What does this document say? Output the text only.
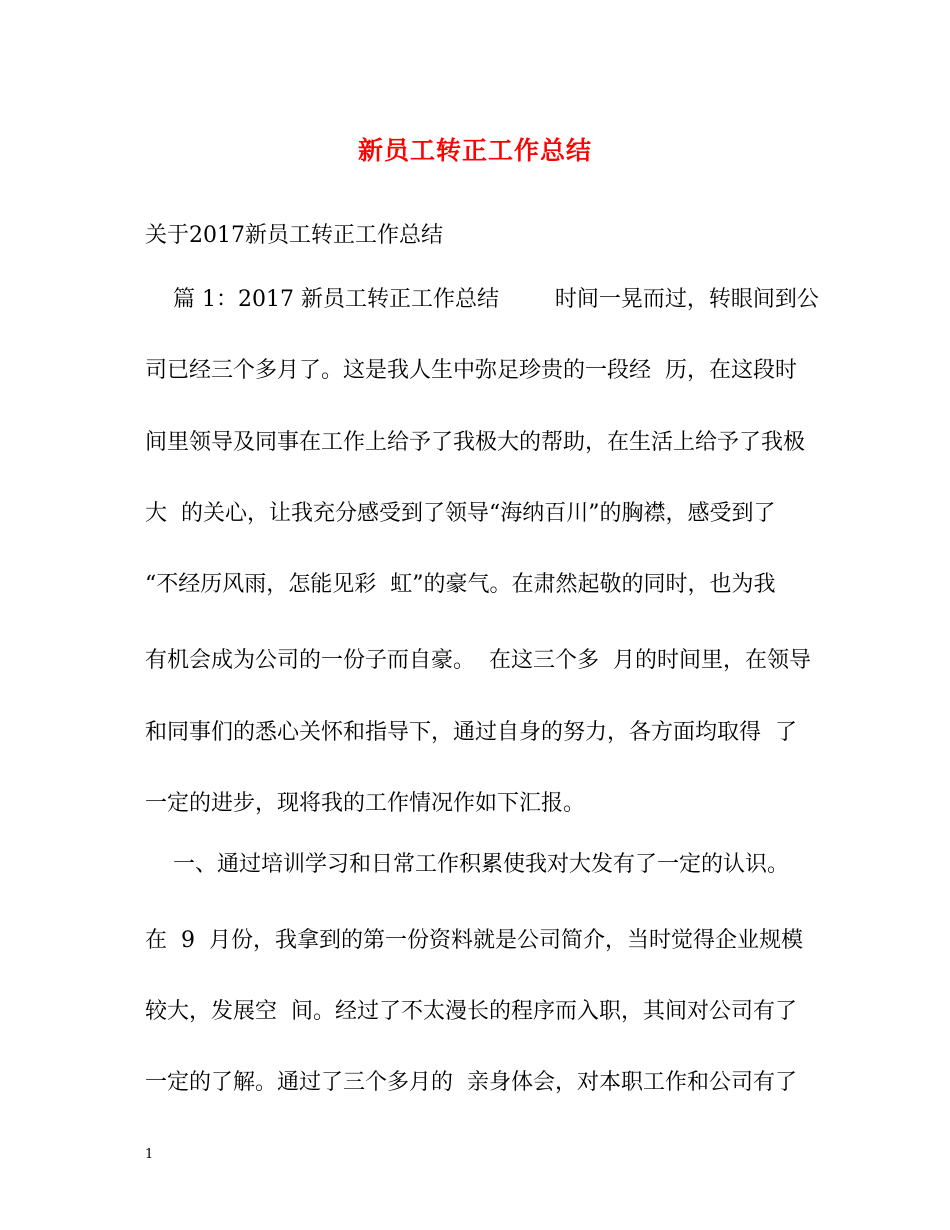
新员工转正工作总结
关于2017新员工转正工作总结
篇 1：2017 新员工转正工作总结        时间一晃而过，转眼间到公
司已经三个多月了。这是我人生中弥足珍贵的一段经  历，在这段时
间里领导及同事在工作上给予了我极大的帮助，在生活上给予了我极
大  的关心，让我充分感受到了领导“海纳百川”的胸襟，感受到了
“不经历风雨，怎能见彩  虹”的豪气。在肃然起敬的同时，也为我
有机会成为公司的一份子而自豪。  在这三个多  月的时间里，在领导
和同事们的悉心关怀和指导下，通过自身的努力，各方面均取得  了
一定的进步，现将我的工作情况作如下汇报。
一、通过培训学习和日常工作积累使我对大发有了一定的认识。
在  9  月份，我拿到的第一份资料就是公司简介，当时觉得企业规模
较大，发展空  间。经过了不太漫长的程序而入职，其间对公司有了
一定的了解。通过了三个多月的  亲身体会，对本职工作和公司有了
1
